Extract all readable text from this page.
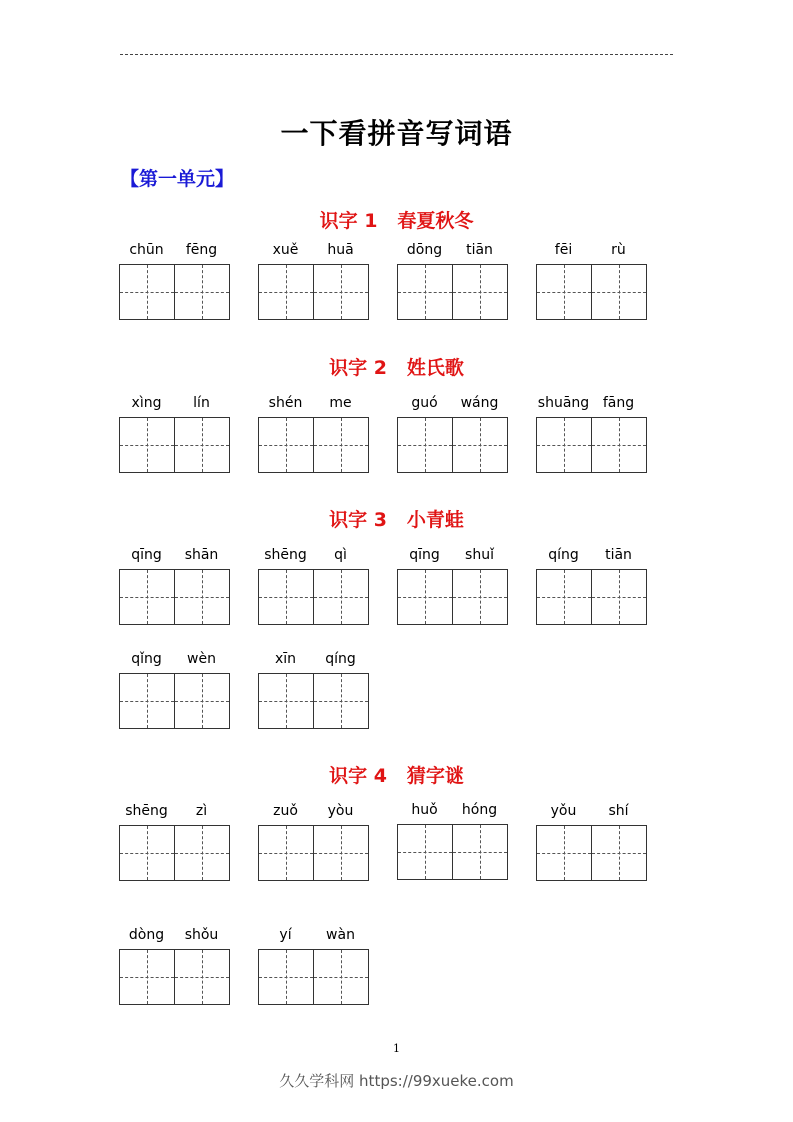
一下看拼音写词语
【第一单元】
识字 1   春夏秋冬
chūn	fēng	xuě	huā	dōng	tiān	fēi	rù
识字 2   姓氏歌
xìng	lín	shén	me	guó	wáng	shuāng fāng
识字 3   小青蛙
qīng	shān	shēng	qì	qīng	shuǐ	qíng	tiān
qǐng	wèn	xīn	qíng
识字 4   猜字谜
shēng	zì	zuǒ	yòu	huǒ	hóng	yǒu	shí
dòng	shǒu	yí	wàn
1
久久学科网 https://99xueke.com
